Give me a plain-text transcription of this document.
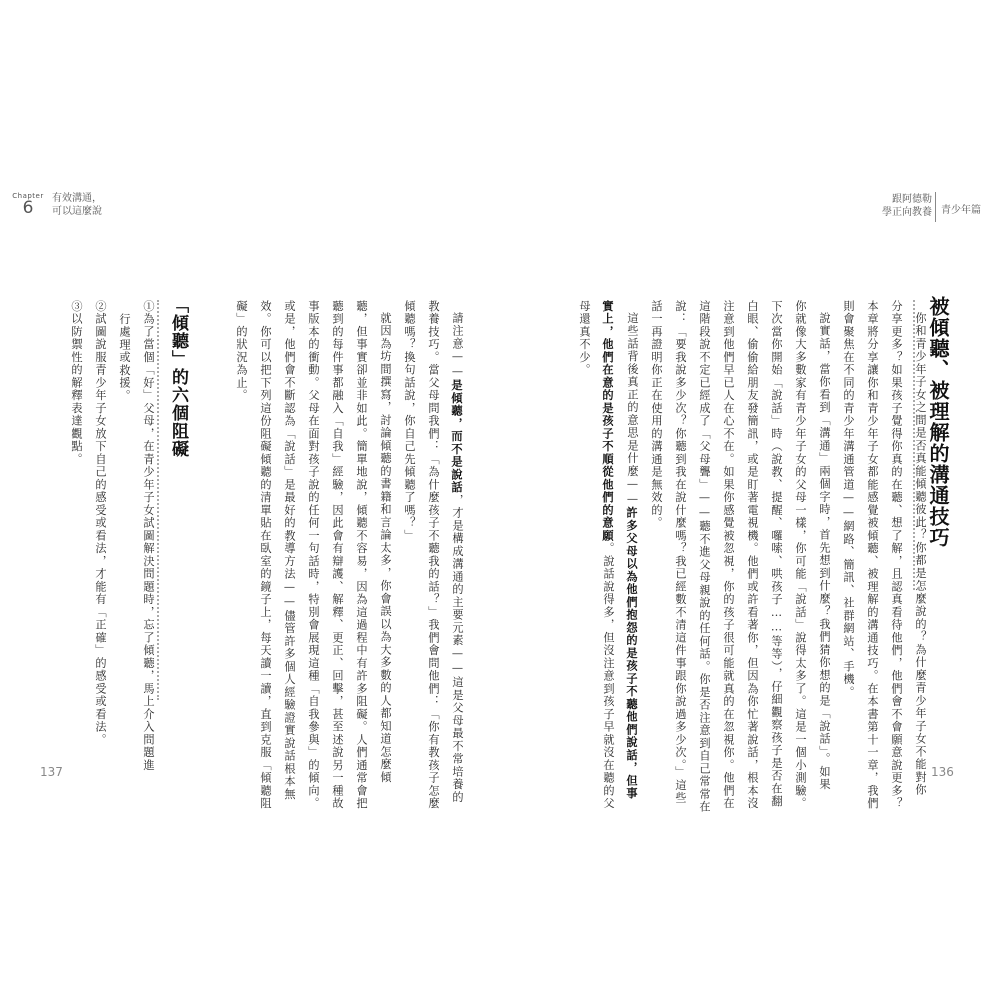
Chapter
6	有效溝通，
可以這麼說
跟阿德勒
學正向教養 青少年篇
被傾聽、被理解的溝通技巧
你和青少年子女之間是否真能傾聽彼此？你都是怎麼說的？為什麼青少年子女不能對你
分享更多？如果孩子覺得你真的在聽、想了解，且認真看待他們，他們會不會願意說更多？
本章將分享讓你和青少年子女都能感覺被傾聽、被理解的溝通技巧。在本書第十一章，我們
則會聚焦在不同的青少年溝通管道——網路、簡訊、社群網站、手機。
說實話，當你看到「溝通」兩個字時，首先想到什麼？我們猜你想的是「說話」。如果
你就像大多數家有青少年子女的父母一樣，你可能「說話」說得太多了。這是一個小測驗。
下次當你開始「說話」時（說教、提醒、囉嗦、哄孩子……等等），仔細觀察孩子是否在翻
白眼、偷偷給朋友發簡訊，或是盯著電視機。他們或許看著你，但因為你忙著說話，根本沒
注意到他們早已人在心不在。如果你感覺被忽視，你的孩子很可能就真的在忽視你。他們在
這階段說不定已經成了「父母聾」——聽不進父母親說的任何話。你是否注意到自己常常在
說：「要我說多少次？你聽到我在說什麼嗎？我已經數不清這件事跟你說過多少次。」這些
話一再證明你正在使用的溝通是無效的。
這些話背後真正的意思是什麼——許多父母以為他們抱怨的是孩子不聽他們說話，但事
實上，他們在意的是孩子不順從他們的意願。說話說得多，但沒注意到孩子早就沒在聽的父
母還真不少。
請注意——是傾聽，而不是說話，才是構成溝通的主要元素——這是父母最不常培養的
教養技巧。當父母問我們：「為什麼孩子不聽我的話？」我們會問他們：「你有教孩子怎麼
傾聽嗎？換句話說，你自己先傾聽了嗎？」
就因為坊間撰寫，討論傾聽的書籍和言論太多，你會誤以為大多數的人都知道怎麼傾
聽，但事實卻並非如此。簡單地說，傾聽不容易，因為這過程中有許多阻礙。人們通常會把
聽到的每件事都融入「自我」經驗，因此會有辯護、解釋、更正、回擊，甚至述說另一種故
事版本的衝動。父母在面對孩子說的任何一句話時，特別會展現這種「自我參與」的傾向。
或是，他們會不斷認為「說話」是最好的教導方法——儘管許多個人經驗證實說話根本無
效。你可以把下列這份阻礙傾聽的清單貼在臥室的鏡子上，每天讀一讀，直到克服「傾聽阻
礙」的狀況為止。
「傾聽」的六個阻礙
①為了當個「好」父母，在青少年子女試圖解決問題時，忘了傾聽，馬上介入問題進
行處理或救援。
②試圖說服青少年子女放下自己的感受或看法，才能有「正確」的感受或看法。
③以防禦性的解釋表達觀點。
137	136
